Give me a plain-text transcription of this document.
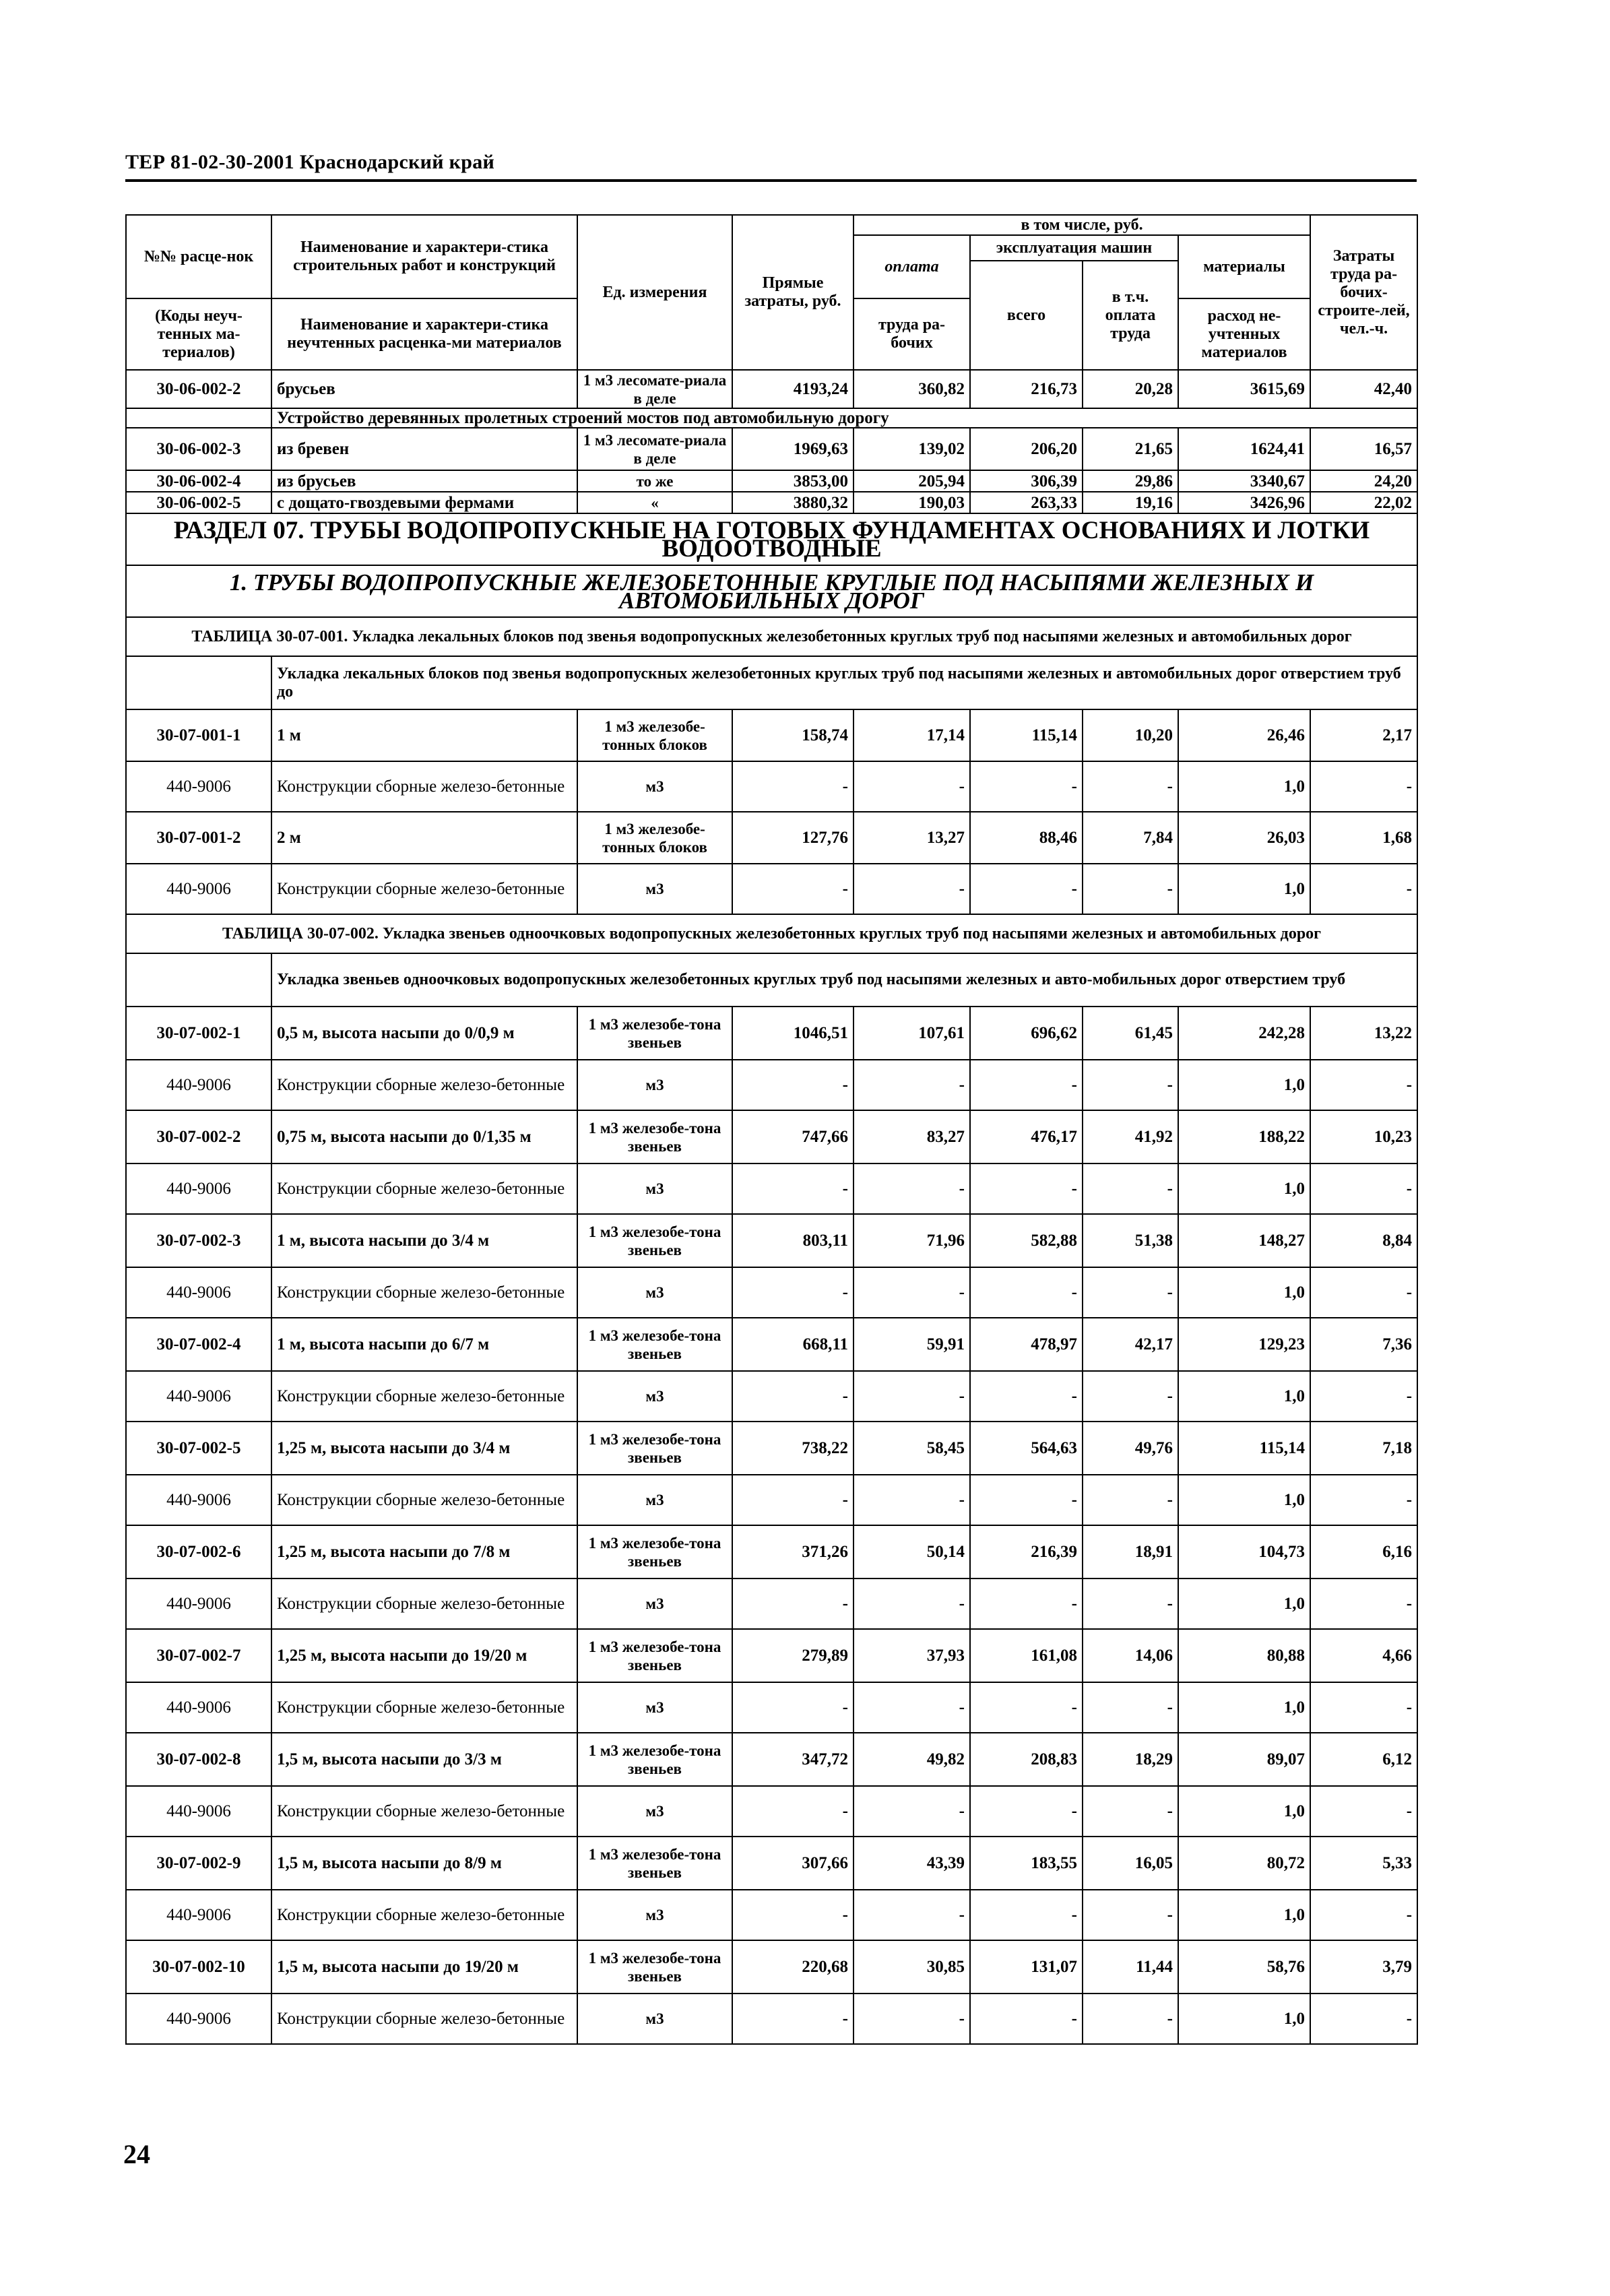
ТЕР 81-02-30-2001 Краснодарский край
№№ расце-нок	Наименование и характери-стика строительных работ и конструкций	Ед. измерения	Прямые затраты, руб.	в том числе, руб.				Затраты труда ра-бочих-строите-лей, чел.-ч.
				оплата	эксплуатация машин		материалы	
					всего	в т.ч. оплата труда		
(Коды неуч-тенных ма-териалов)	Наименование и характери-стика неучтенных расценка-ми материалов			труда ра-бочих			расход не-учтенных материалов	
30-06-002-2	брусьев	1 м3 лесомате-риала в деле	4193,24	360,82	216,73	20,28	3615,69	42,40
	Устройство деревянных пролетных строений мостов под автомобильную дорогу							
30-06-002-3	из бревен	1 м3 лесомате-риала в деле	1969,63	139,02	206,20	21,65	1624,41	16,57
30-06-002-4	из брусьев	то же	3853,00	205,94	306,39	29,86	3340,67	24,20
30-06-002-5	с дощато-гвоздевыми фермами	«	3880,32	190,03	263,33	19,16	3426,96	22,02
РАЗДЕЛ 07. ТРУБЫ ВОДОПРОПУСКНЫЕ НА ГОТОВЫХ ФУНДАМЕНТАХ ОСНОВАНИЯХ И ЛОТКИ ВОДООТВОДНЫЕ								
1. ТРУБЫ ВОДОПРОПУСКНЫЕ ЖЕЛЕЗОБЕТОННЫЕ КРУГЛЫЕ ПОД НАСЫПЯМИ ЖЕЛЕЗНЫХ И АВТОМОБИЛЬНЫХ ДОРОГ								
ТАБЛИЦА 30-07-001. Укладка лекальных блоков под звенья водопропускных железобетонных круглых труб под насыпями железных и автомобильных дорог								
	Укладка лекальных блоков под звенья водопропускных железобетонных круглых труб под насыпями железных и автомобильных дорог отверстием труб до							
30-07-001-1	1 м	1 м3 железобе-тонных блоков	158,74	17,14	115,14	10,20	26,46	2,17
440-9006	Конструкции сборные железо-бетонные	м3	-	-	-	-	1,0	-
30-07-001-2	2 м	1 м3 железобе-тонных блоков	127,76	13,27	88,46	7,84	26,03	1,68
440-9006	Конструкции сборные железо-бетонные	м3	-	-	-	-	1,0	-
ТАБЛИЦА 30-07-002. Укладка звеньев одноочковых водопропускных железобетонных круглых труб под насыпями железных и автомобильных дорог								
	Укладка звеньев одноочковых водопропускных железобетонных круглых труб под насыпями железных и авто-мобильных дорог отверстием труб							
30-07-002-1	0,5 м, высота насыпи до 0/0,9 м	1 м3 железобе-тона звеньев	1046,51	107,61	696,62	61,45	242,28	13,22
440-9006	Конструкции сборные железо-бетонные	м3	-	-	-	-	1,0	-
30-07-002-2	0,75 м, высота насыпи до 0/1,35 м	1 м3 железобе-тона звеньев	747,66	83,27	476,17	41,92	188,22	10,23
440-9006	Конструкции сборные железо-бетонные	м3	-	-	-	-	1,0	-
30-07-002-3	1 м, высота насыпи до 3/4 м	1 м3 железобе-тона звеньев	803,11	71,96	582,88	51,38	148,27	8,84
440-9006	Конструкции сборные железо-бетонные	м3	-	-	-	-	1,0	-
30-07-002-4	1 м, высота насыпи до 6/7 м	1 м3 железобе-тона звеньев	668,11	59,91	478,97	42,17	129,23	7,36
440-9006	Конструкции сборные железо-бетонные	м3	-	-	-	-	1,0	-
30-07-002-5	1,25 м, высота насыпи до 3/4 м	1 м3 железобе-тона звеньев	738,22	58,45	564,63	49,76	115,14	7,18
440-9006	Конструкции сборные железо-бетонные	м3	-	-	-	-	1,0	-
30-07-002-6	1,25 м, высота насыпи до 7/8 м	1 м3 железобе-тона звеньев	371,26	50,14	216,39	18,91	104,73	6,16
440-9006	Конструкции сборные железо-бетонные	м3	-	-	-	-	1,0	-
30-07-002-7	1,25 м, высота насыпи до 19/20 м	1 м3 железобе-тона звеньев	279,89	37,93	161,08	14,06	80,88	4,66
440-9006	Конструкции сборные железо-бетонные	м3	-	-	-	-	1,0	-
30-07-002-8	1,5 м, высота насыпи до 3/3 м	1 м3 железобе-тона звеньев	347,72	49,82	208,83	18,29	89,07	6,12
440-9006	Конструкции сборные железо-бетонные	м3	-	-	-	-	1,0	-
30-07-002-9	1,5 м, высота насыпи до 8/9 м	1 м3 железобе-тона звеньев	307,66	43,39	183,55	16,05	80,72	5,33
440-9006	Конструкции сборные железо-бетонные	м3	-	-	-	-	1,0	-
30-07-002-10	1,5 м, высота насыпи до 19/20 м	1 м3 железобе-тона звеньев	220,68	30,85	131,07	11,44	58,76	3,79
440-9006	Конструкции сборные железо-бетонные	м3	-	-	-	-	1,0	-
24
